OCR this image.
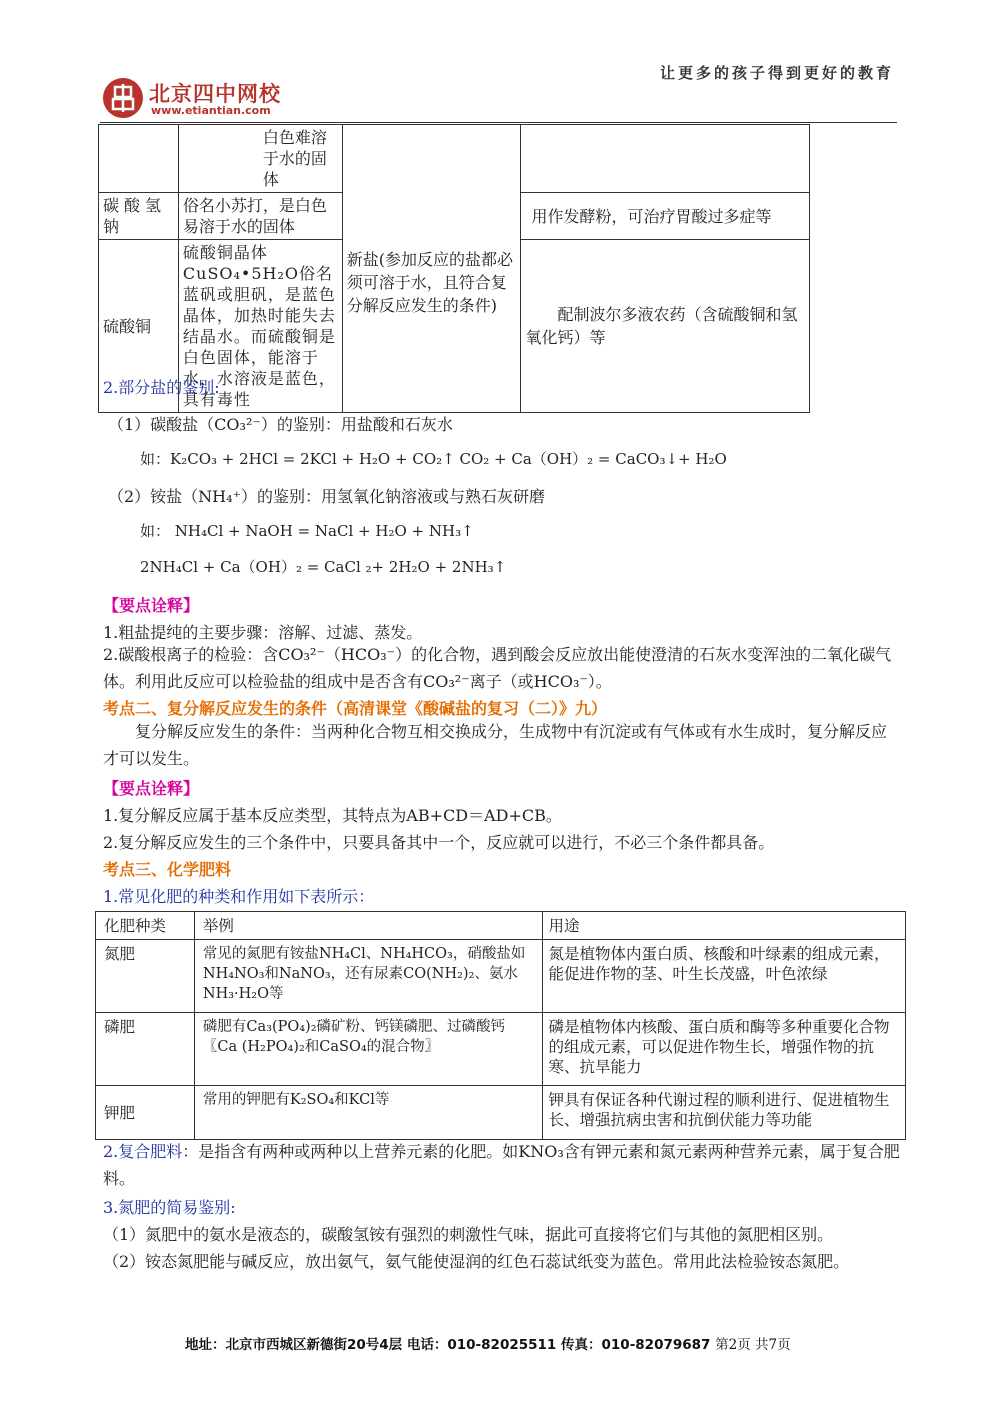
北京四中网校
www.etiantian.com
让更多的孩子得到更好的教育
	白色难溶于水的固体	新盐(参加反应的盐都必须可溶于水，且符合复分解反应发生的条件)	

碳酸氢钠	俗名小苏打，是白色易溶于水的固体		用作发酵粉，可治疗胃酸过多症等
硫酸铜	硫酸铜晶体CuSO₄•5H₂O俗名蓝矾或胆矾，是蓝色晶体，加热时能失去结晶水。而硫酸铜是白色固体，能溶于水，水溶液是蓝色，具有毒性		配制波尔多液农药（含硫酸铜和氢氧化钙）等
2.部分盐的鉴别:
（1）碳酸盐（CO₃²⁻）的鉴别：用盐酸和石灰水
如：K₂CO₃ + 2HCl = 2KCl + H₂O + CO₂↑ CO₂ + Ca（OH）₂ = CaCO₃↓+ H₂O
（2）铵盐（NH₄⁺）的鉴别：用氢氧化钠溶液或与熟石灰研磨
如： NH₄Cl + NaOH = NaCl + H₂O + NH₃↑
2NH₄Cl + Ca（OH）₂ = CaCl ₂+ 2H₂O + 2NH₃↑
【要点诠释】
1.粗盐提纯的主要步骤：溶解、过滤、蒸发。
2.碳酸根离子的检验：含CO₃²⁻（HCO₃⁻）的化合物，遇到酸会反应放出能使澄清的石灰水变浑浊的二氧化碳气体。利用此反应可以检验盐的组成中是否含有CO₃²⁻离子（或HCO₃⁻）。
考点二、复分解反应发生的条件（高清课堂《酸碱盐的复习（二）》九）
复分解反应发生的条件：当两种化合物互相交换成分，生成物中有沉淀或有气体或有水生成时，复分解反应才可以发生。
【要点诠释】
1.复分解反应属于基本反应类型，其特点为AB+CD＝AD+CB。
2.复分解反应发生的三个条件中，只要具备其中一个，反应就可以进行，不必三个条件都具备。
考点三、化学肥料
1.常见化肥的种类和作用如下表所示：
化肥种类	举例	用途
氮肥	常见的氮肥有铵盐NH₄Cl、NH₄HCO₃，硝酸盐如NH₄NO₃和NaNO₃，还有尿素CO(NH₂)₂、氨水NH₃·H₂O等	氮是植物体内蛋白质、核酸和叶绿素的组成元素，能促进作物的茎、叶生长茂盛，叶色浓绿
磷肥	磷肥有Ca₃(PO₄)₂磷矿粉、钙镁磷肥、过磷酸钙〖Ca (H₂PO₄)₂和CaSO₄的混合物〗	磷是植物体内核酸、蛋白质和酶等多种重要化合物的组成元素，可以促进作物生长，增强作物的抗寒、抗旱能力
钾肥	常用的钾肥有K₂SO₄和KCl等	钾具有保证各种代谢过程的顺利进行、促进植物生长、增强抗病虫害和抗倒伏能力等功能
2.复合肥料：是指含有两种或两种以上营养元素的化肥。如KNO₃含有钾元素和氮元素两种营养元素，属于复合肥料。
3.氮肥的简易鉴别:
（1）氮肥中的氨水是液态的，碳酸氢铵有强烈的刺激性气味，据此可直接将它们与其他的氮肥相区别。
（2）铵态氮肥能与碱反应，放出氨气，氨气能使湿润的红色石蕊试纸变为蓝色。常用此法检验铵态氮肥。
地址：北京市西城区新德街20号4层 电话：010-82025511 传真：010-82079687 第2页 共7页
